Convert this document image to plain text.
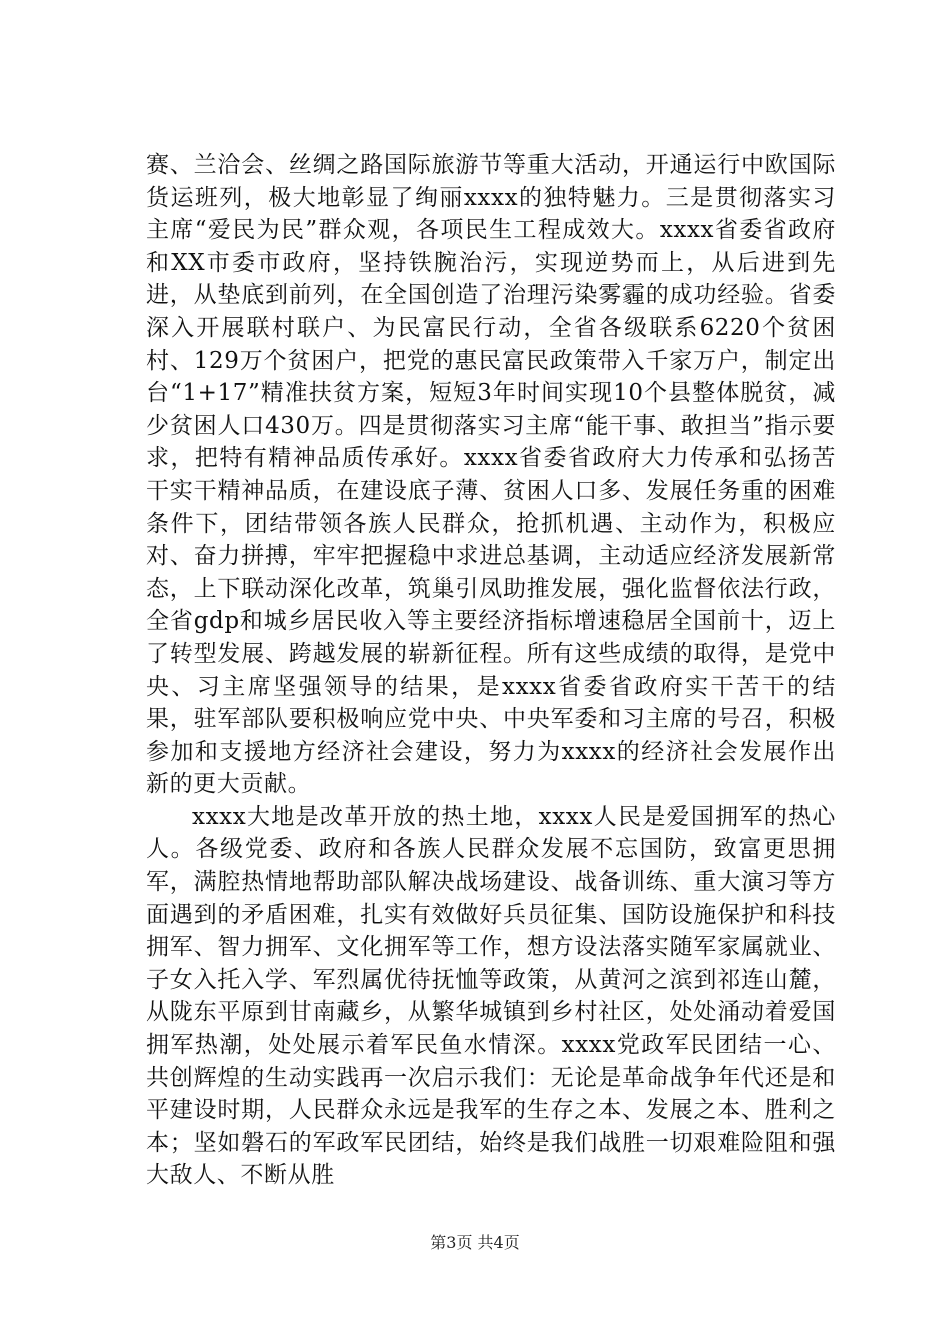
赛、兰洽会、丝绸之路国际旅游节等重大活动，开通运行中欧国际货运班列，极大地彰显了绚丽xxxx的独特魅力。三是贯彻落实习主席“爱民为民”群众观，各项民生工程成效大。xxxx省委省政府和XX市委市政府，坚持铁腕治污，实现逆势而上，从后进到先进，从垫底到前列，在全国创造了治理污染雾霾的成功经验。省委深入开展联村联户、为民富民行动，全省各级联系6220个贫困村、129万个贫困户，把党的惠民富民政策带入千家万户，制定出台“1+17”精准扶贫方案，短短3年时间实现10个县整体脱贫，减少贫困人口430万。四是贯彻落实习主席“能干事、敢担当”指示要求，把特有精神品质传承好。xxxx省委省政府大力传承和弘扬苦干实干精神品质，在建设底子薄、贫困人口多、发展任务重的困难条件下，团结带领各族人民群众，抢抓机遇、主动作为，积极应对、奋力拼搏，牢牢把握稳中求进总基调，主动适应经济发展新常态，上下联动深化改革，筑巢引凤助推发展，强化监督依法行政，全省gdp和城乡居民收入等主要经济指标增速稳居全国前十，迈上了转型发展、跨越发展的崭新征程。所有这些成绩的取得，是党中央、习主席坚强领导的结果，是xxxx省委省政府实干苦干的结果，驻军部队要积极响应党中央、中央军委和习主席的号召，积极参加和支援地方经济社会建设，努力为xxxx的经济社会发展作出新的更大贡献。

xxxx大地是改革开放的热土地，xxxx人民是爱国拥军的热心人。各级党委、政府和各族人民群众发展不忘国防，致富更思拥军，满腔热情地帮助部队解决战场建设、战备训练、重大演习等方面遇到的矛盾困难，扎实有效做好兵员征集、国防设施保护和科技拥军、智力拥军、文化拥军等工作，想方设法落实随军家属就业、子女入托入学、军烈属优待抚恤等政策，从黄河之滨到祁连山麓，从陇东平原到甘南藏乡，从繁华城镇到乡村社区，处处涌动着爱国拥军热潮，处处展示着军民鱼水情深。xxxx党政军民团结一心、共创辉煌的生动实践再一次启示我们：无论是革命战争年代还是和平建设时期，人民群众永远是我军的生存之本、发展之本、胜利之本；坚如磐石的军政军民团结，始终是我们战胜一切艰难险阻和强大敌人、不断从胜

第3页 共4页
